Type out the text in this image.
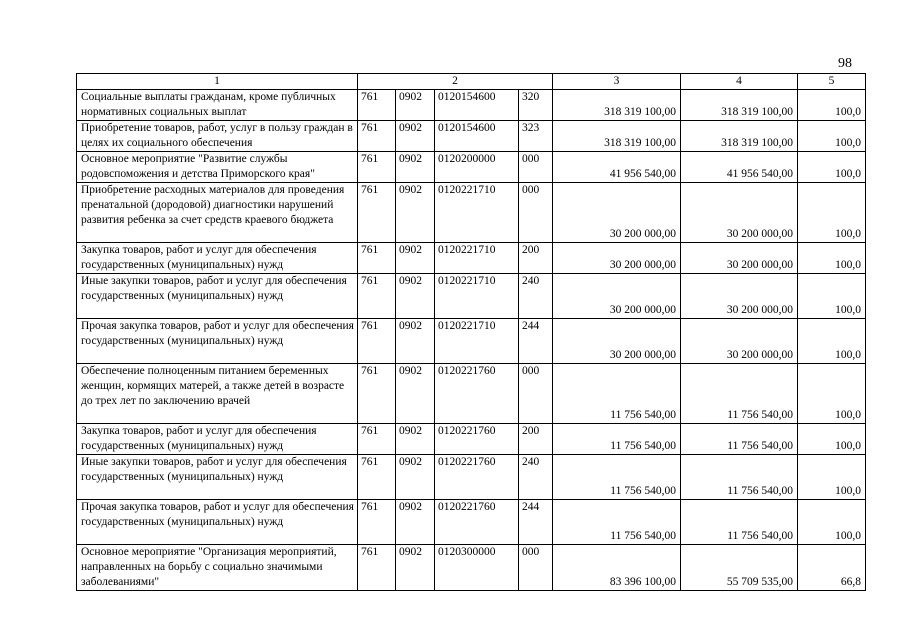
98
1	2				3	4	5
Социальные выплаты гражданам, кроме публичных нормативных социальных выплат	761	0902	0120154600	320	318 319 100,00	318 319 100,00	100,0
Приобретение товаров, работ, услуг в пользу граждан в целях их социального обеспечения	761	0902	0120154600	323	318 319 100,00	318 319 100,00	100,0
Основное мероприятие "Развитие службы родовспоможения и детства Приморского края"	761	0902	0120200000	000	41 956 540,00	41 956 540,00	100,0
Приобретение расходных материалов для проведения пренатальной (дородовой) диагностики нарушений развития ребенка за счет средств краевого бюджета	761	0902	0120221710	000	30 200 000,00	30 200 000,00	100,0
Закупка товаров, работ и услуг для обеспечения государственных (муниципальных) нужд	761	0902	0120221710	200	30 200 000,00	30 200 000,00	100,0
Иные закупки товаров, работ и услуг для обеспечения государственных (муниципальных) нужд	761	0902	0120221710	240	30 200 000,00	30 200 000,00	100,0
Прочая закупка товаров, работ и услуг для обеспечения государственных (муниципальных) нужд	761	0902	0120221710	244	30 200 000,00	30 200 000,00	100,0
Обеспечение полноценным питанием беременных женщин, кормящих матерей, а также детей в возрасте до трех лет по заключению врачей	761	0902	0120221760	000	11 756 540,00	11 756 540,00	100,0
Закупка товаров, работ и услуг для обеспечения государственных (муниципальных) нужд	761	0902	0120221760	200	11 756 540,00	11 756 540,00	100,0
Иные закупки товаров, работ и услуг для обеспечения государственных (муниципальных) нужд	761	0902	0120221760	240	11 756 540,00	11 756 540,00	100,0
Прочая закупка товаров, работ и услуг для обеспечения государственных (муниципальных) нужд	761	0902	0120221760	244	11 756 540,00	11 756 540,00	100,0
Основное мероприятие "Организация мероприятий, направленных на борьбу с социально значимыми заболеваниями"	761	0902	0120300000	000	83 396 100,00	55 709 535,00	66,8
